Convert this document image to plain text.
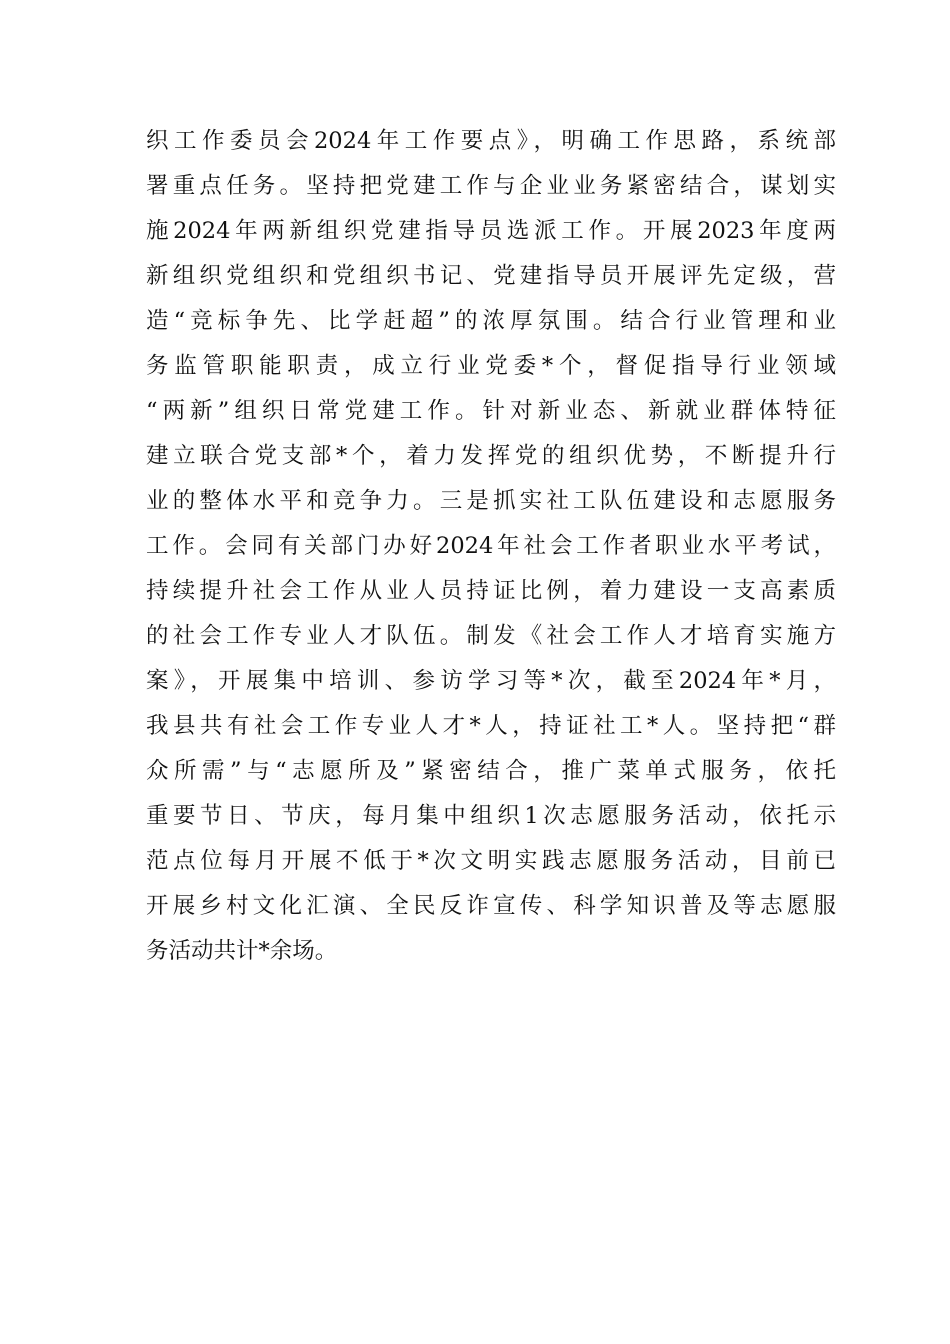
织工作委员会2024年工作要点》，明确工作思路，系统部
署重点任务。坚持把党建工作与企业业务紧密结合，谋划实
施2024年两新组织党建指导员选派工作。开展2023年度两
新组织党组织和党组织书记、党建指导员开展评先定级，营
造“竞标争先、比学赶超”的浓厚氛围。结合行业管理和业
务监管职能职责，成立行业党委*个，督促指导行业领域
“两新”组织日常党建工作。针对新业态、新就业群体特征
建立联合党支部*个，着力发挥党的组织优势，不断提升行
业的整体水平和竞争力。三是抓实社工队伍建设和志愿服务
工作。会同有关部门办好2024年社会工作者职业水平考试，
持续提升社会工作从业人员持证比例，着力建设一支高素质
的社会工作专业人才队伍。制发《社会工作人才培育实施方
案》，开展集中培训、参访学习等*次，截至2024年*月，
我县共有社会工作专业人才*人，持证社工*人。坚持把“群
众所需”与“志愿所及”紧密结合，推广菜单式服务，依托
重要节日、节庆，每月集中组织1次志愿服务活动，依托示
范点位每月开展不低于*次文明实践志愿服务活动，目前已
开展乡村文化汇演、全民反诈宣传、科学知识普及等志愿服
务活动共计*余场。
